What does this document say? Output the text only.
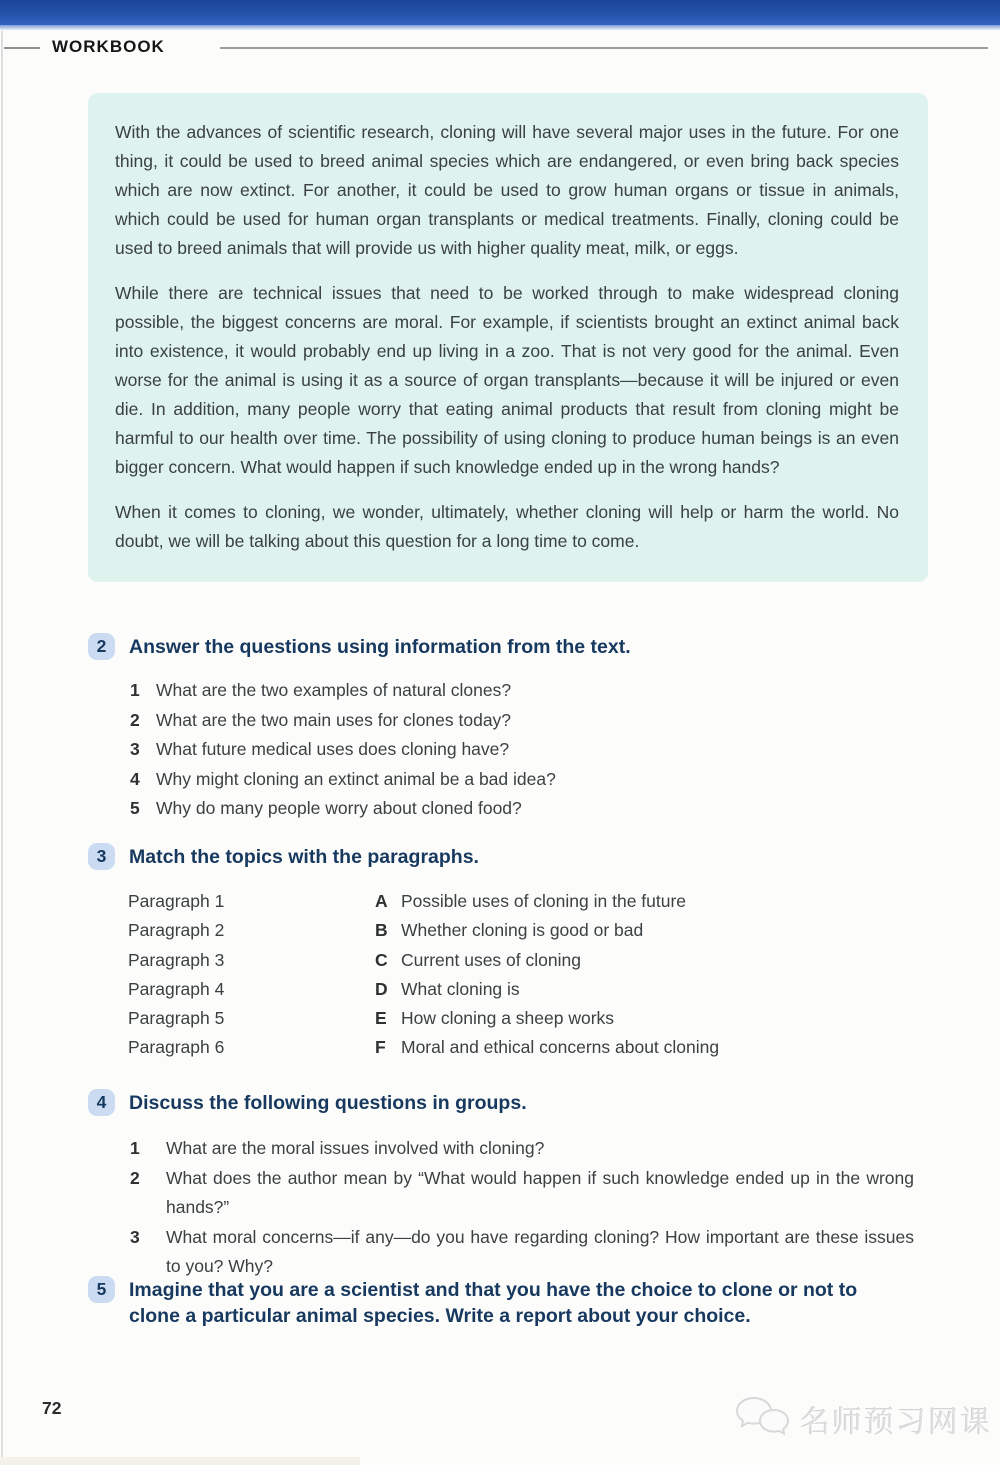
WORKBOOK

With the advances of scientific research, cloning will have several major uses in the future. For one thing, it could be used to breed animal species which are endangered, or even bring back species which are now extinct. For another, it could be used to grow human organs or tissue in animals, which could be used for human organ transplants or medical treatments. Finally, cloning could be used to breed animals that will provide us with higher quality meat, milk, or eggs.

While there are technical issues that need to be worked through to make widespread cloning possible, the biggest concerns are moral. For example, if scientists brought an extinct animal back into existence, it would probably end up living in a zoo. That is not very good for the animal. Even worse for the animal is using it as a source of organ transplants—because it will be injured or even die. In addition, many people worry that eating animal products that result from cloning might be harmful to our health over time. The possibility of using cloning to produce human beings is an even bigger concern. What would happen if such knowledge ended up in the wrong hands?

When it comes to cloning, we wonder, ultimately, whether cloning will help or harm the world. No doubt, we will be talking about this question for a long time to come.

2	Answer the questions using information from the text.
1 What are the two examples of natural clones?
2 What are the two main uses for clones today?
3 What future medical uses does cloning have?
4 Why might cloning an extinct animal be a bad idea?
5 Why do many people worry about cloned food?
3	Match the topics with the paragraphs.
Paragraph 1	A Possible uses of cloning in the future
Paragraph 2	B Whether cloning is good or bad
Paragraph 3	C Current uses of cloning
Paragraph 4	D What cloning is
Paragraph 5	E How cloning a sheep works
Paragraph 6	F Moral and ethical concerns about cloning
4	Discuss the following questions in groups.
1	What are the moral issues involved with cloning?
2	What does the author mean by “What would happen if such knowledge ended up in the wrong hands?”
3	What moral concerns—if any—do you have regarding cloning? How important are these issues to you? Why?
5	Imagine that you are a scientist and that you have the choice to clone or not to clone a particular animal species. Write a report about your choice.
72	名师预习网课
